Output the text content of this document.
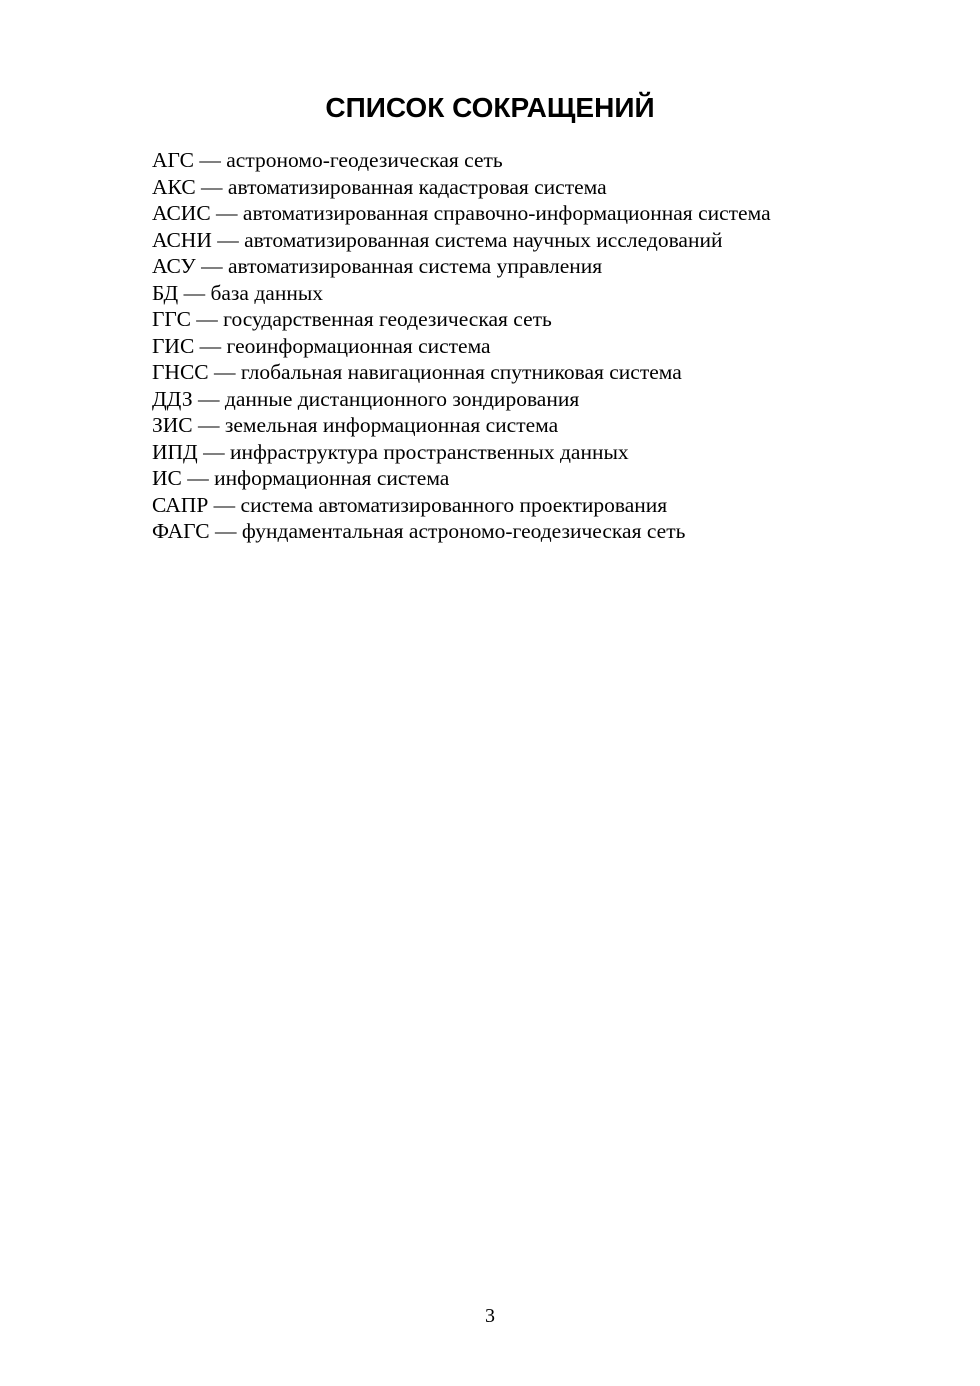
СПИСОК СОКРАЩЕНИЙ
АГС — астрономо-геодезическая сеть
АКС — автоматизированная кадастровая система
АСИС — автоматизированная справочно-информационная система
АСНИ — автоматизированная система научных исследований
АСУ — автоматизированная система управления
БД — база данных
ГГС — государственная геодезическая сеть
ГИС — геоинформационная система
ГНСС — глобальная навигационная спутниковая система
ДДЗ — данные дистанционного зондирования
ЗИС — земельная информационная система
ИПД — инфраструктура пространственных данных
ИС — информационная система
САПР — система автоматизированного проектирования
ФАГС — фундаментальная астрономо-геодезическая сеть
3
